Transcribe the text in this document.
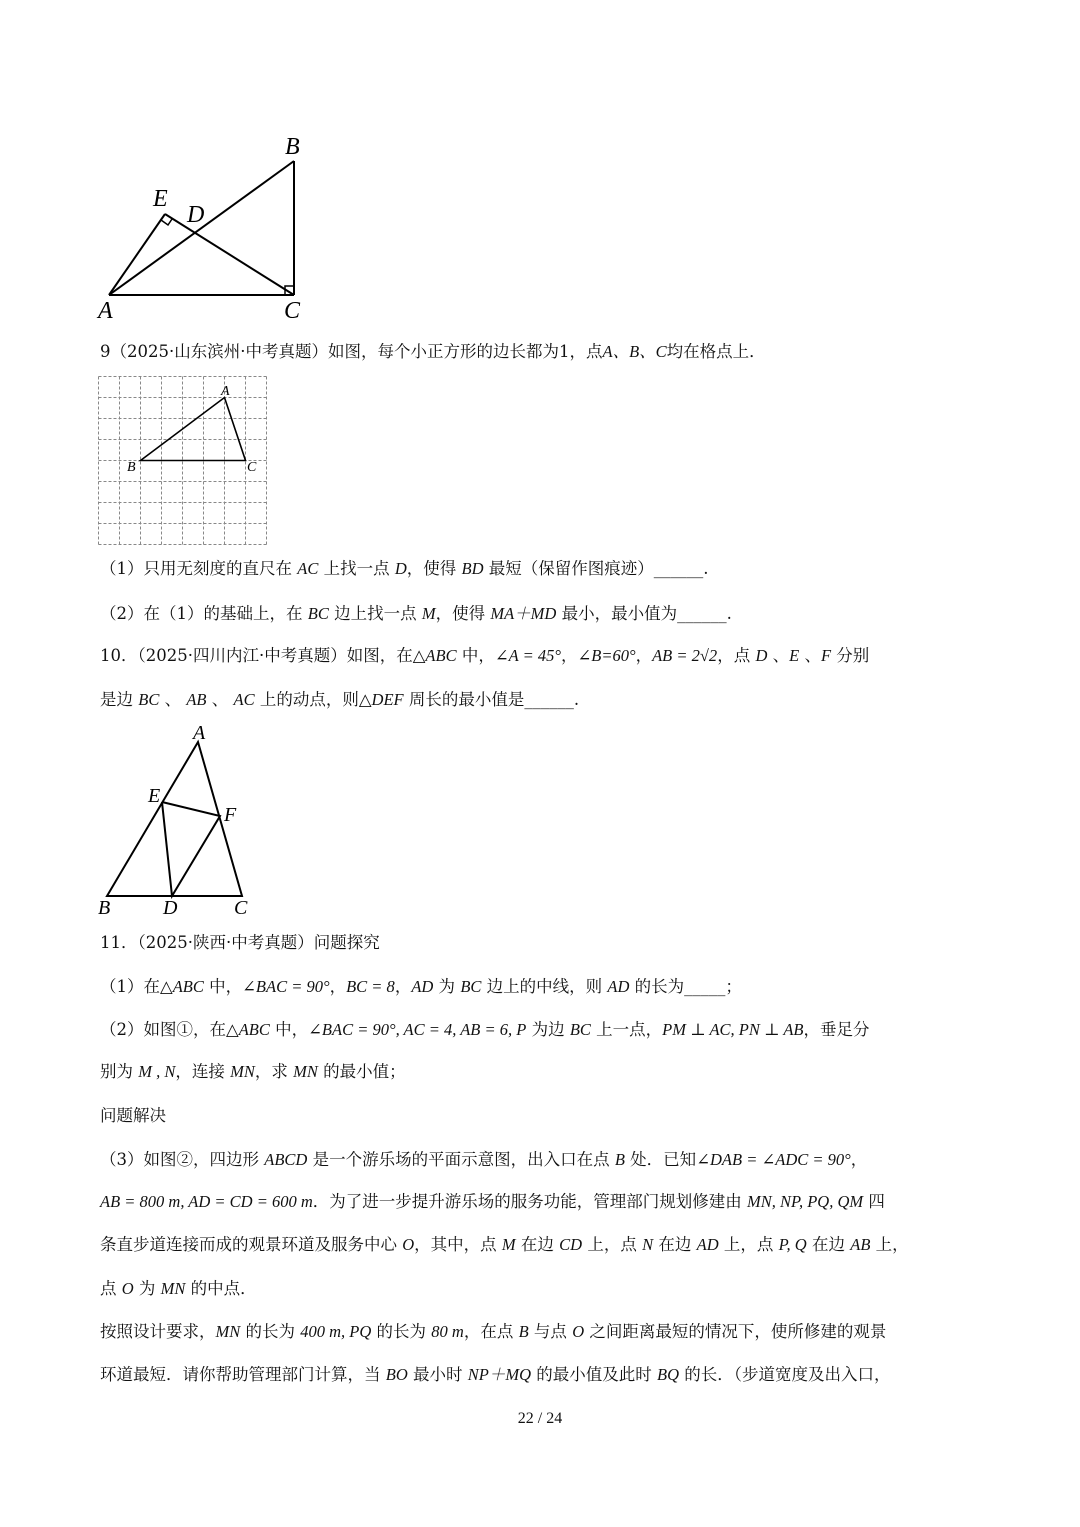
A	C
B
E
D
9（2025·山东滨州·中考真题）如图，每个小正方形的边长都为1，点A、B、C均在格点上．
A
B	C
（1）只用无刻度的直尺在 AC 上找一点 D，使得 BD 最短（保留作图痕迹）______.
（2）在（1）的基础上，在 BC 边上找一点 M，使得 MA＋MD 最小，最小值为______.
10．（2025·四川内江·中考真题）如图，在△ABC 中，∠A = 45°，∠B=60°，AB = 2√2，点 D 、E 、F 分别
是边 BC 、 AB 、 AC 上的动点，则△DEF 周长的最小值是______.
A
E
F
B	D	C
11．（2025·陕西·中考真题）问题探究
（1）在△ABC 中，∠BAC = 90°，BC = 8，AD 为 BC 边上的中线，则 AD 的长为_____；
（2）如图①，在△ABC 中，∠BAC = 90°, AC = 4, AB = 6, P 为边 BC 上一点，PM ⊥ AC, PN ⊥ AB，垂足分
别为 M , N，连接 MN，求 MN 的最小值；
问题解决
（3）如图②，四边形 ABCD 是一个游乐场的平面示意图，出入口在点 B 处．已知∠DAB = ∠ADC = 90°，
AB = 800 m, AD = CD = 600 m．为了进一步提升游乐场的服务功能，管理部门规划修建由 MN, NP, PQ, QM 四
条直步道连接而成的观景环道及服务中心 O，其中，点 M 在边 CD 上，点 N 在边 AD 上，点 P, Q 在边 AB 上，
点 O 为 MN 的中点．
按照设计要求，MN 的长为 400 m, PQ 的长为 80 m，在点 B 与点 O 之间距离最短的情况下，使所修建的观景
环道最短．请你帮助管理部门计算，当 BO 最小时 NP＋MQ 的最小值及此时 BQ 的长．（步道宽度及出入口，
22 / 24
